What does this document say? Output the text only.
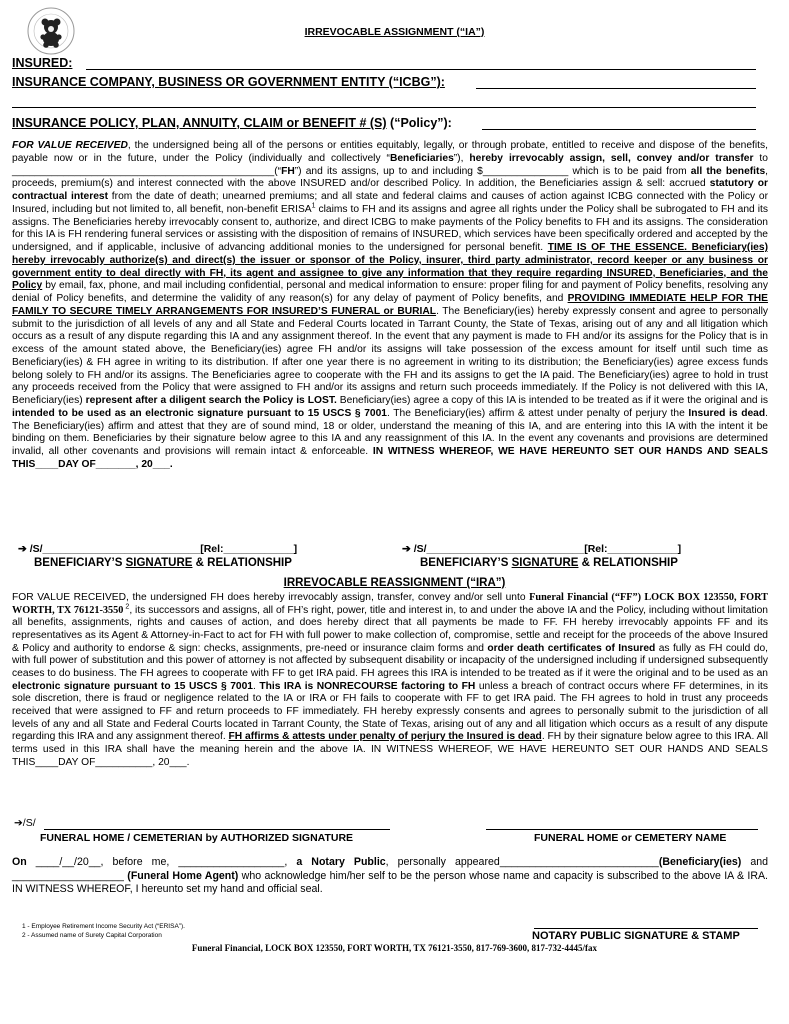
IRREVOCABLE ASSIGNMENT (“IA”)
INSURED:
INSURANCE COMPANY, BUSINESS OR GOVERNMENT ENTITY (“ICBG”):
INSURANCE POLICY, PLAN, ANNUITY, CLAIM or BENEFIT # (S) (“Policy”):

FOR VALUE RECEIVED, the undersigned being all of the persons or entities equitably, legally, or through probate, entitled to receive and dispose of the benefits, payable now or in the future, under the Policy (individually and collectively “Beneficiaries”), hereby irrevocably assign, sell, convey and/or transfer to ______________________________________________(“FH”) and its assigns, up to and including $_______________ which is to be paid from all the benefits, proceeds, premium(s) and interest connected with the above INSURED and/or described Policy. In addition, the Beneficiaries assign & sell: accrued statutory or contractual interest from the date of death; unearned premiums; and all state and federal claims and causes of action against ICBG connected with the Policy or Insured, including but not limited to, all benefit, non-benefit ERISA$^1$ claims to FH and its assigns and agree all rights under the Policy shall be subrogated to FH and its assigns. The Beneficiaries hereby irrevocably consent to, authorize, and direct ICBG to make payments of the Policy benefits to FH and its assigns. The consideration for this IA is FH rendering funeral services or assisting with the disposition of remains of INSURED, which services have been specifically ordered and accepted by the undersigned, and if applicable, inclusive of advancing additional monies to the undersigned for personal benefit. TIME IS OF THE ESSENCE. Beneficiary(ies) hereby irrevocably authorize(s) and direct(s) the issuer or sponsor of the Policy, insurer, third party administrator, record keeper or any business or government entity to deal directly with FH, its agent and assignee to give any information that they require regarding INSURED, Beneficiaries, and the Policy by email, fax, phone, and mail including confidential, personal and medical information to ensure: proper filing for and payment of Policy benefits, resolving any denial of Policy benefits, and determine the validity of any reason(s) for any delay of payment of Policy benefits, and PROVIDING IMMEDIATE HELP FOR THE FAMILY TO SECURE TIMELY ARRANGEMENTS FOR INSURED’S FUNERAL or BURIAL. The Beneficiary(ies) hereby expressly consent and agree to personally submit to the jurisdiction of all levels of any and all State and Federal Courts located in Tarrant County, the State of Texas, arising out of any and all litigation which occurs as a result of any dispute regarding this IA and any assignment thereof. In the event that any payment is made to FH and/or its assigns for the Policy that is in excess of the amount stated above, the Beneficiary(ies) agree FH and/or its assigns will take possession of the excess amount for itself until such time as Beneficiary(ies) & FH agree in writing to its distribution. If after one year there is no agreement in writing to its distribution; the Beneficiary(ies) agree excess funds belong solely to FH and/or its assigns. The Beneficiaries agree to cooperate with the FH and its assigns to get the IA paid. The Beneficiary(ies) agree to hold in trust any proceeds received from the Policy that were assigned to FH and/or its assigns and return such proceeds immediately. If the Policy is not delivered with this IA, Beneficiary(ies) represent after a diligent search the Policy is LOST. Beneficiary(ies) agree a copy of this IA is intended to be treated as if it were the original and is intended to be used as an electronic signature pursuant to 15 USCS § 7001. The Beneficiary(ies) affirm & attest under penalty of perjury the Insured is dead. The Beneficiary(ies) affirm and attest that they are of sound mind, 18 or older, understand the meaning of this IA, and are entering into this IA with the intent it be binding on them. Beneficiaries by their signature below agree to this IA and any reassignment of this IA. In the event any covenants and provisions are determined invalid, all other covenants and provisions will remain intact & enforceable. IN WITNESS WHEREOF, WE HAVE HEREUNTO SET OUR HANDS AND SEALS THIS____DAY OF_______, 20___.

➔ /S/___________________________[Rel:____________]	➔ /S/___________________________[Rel:____________]
BENEFICIARY’S SIGNATURE & RELATIONSHIP	BENEFICIARY’S SIGNATURE & RELATIONSHIP
IRREVOCABLE REASSIGNMENT (“IRA”)

FOR VALUE RECEIVED, the undersigned FH does hereby irrevocably assign, transfer, convey and/or sell unto Funeral Financial (“FF”) LOCK BOX 123550, FORT WORTH, TX 76121-3550 $^2$, its successors and assigns, all of FH’s right, power, title and interest in, to and under the above IA and the Policy, including without limitation all benefits, assignments, rights and causes of action, and does hereby direct that all payments be made to FF. FH hereby irrevocably appoints FF and its representatives as its Agent & Attorney-in-Fact to act for FH with full power to make collection of, compromise, settle and receipt for the proceeds of the above Insured & Policy and authority to endorse & sign: checks, assignments, pre-need or insurance claim forms and order death certificates of Insured as fully as FH could do, with full power of substitution and this power of attorney is not affected by subsequent disability or incapacity of the undersigned including if undersigned subsequently ceases to do business. The FH agrees to cooperate with FF to get IRA paid. FH agrees this IRA is intended to be treated as if it were the original and to be used as an electronic signature pursuant to 15 USCS § 7001. This IRA is NONRECOURSE factoring to FH unless a breach of contract occurs where FF determines, in its sole discretion, there is fraud or negligence related to the IA or IRA or FH fails to cooperate with FF to get IRA paid. The FH agrees to hold in trust any proceeds received that were assigned to FF and return proceeds to FF immediately. FH hereby expressly consents and agrees to personally submit to the jurisdiction of all levels of any and all State and Federal Courts located in Tarrant County, the State of Texas, arising out of any and all litigation which occurs as a result of any dispute regarding this IRA and any assignment thereof. FH affirms & attests under penalty of perjury the Insured is dead. FH by their signature below agree to this IRA. All terms used in this IRA shall have the meaning herein and the above IA. IN WITNESS WHEREOF, WE HAVE HEREUNTO SET OUR HANDS AND SEALS THIS____DAY OF__________, 20___.

➔/S/
FUNERAL HOME / CEMETERIAN by AUTHORIZED SIGNATURE	FUNERAL HOME or CEMETERY NAME

On ____/__/20__, before me, __________________, a Notary Public, personally appeared___________________________(Beneficiary(ies) and ___________________ (Funeral Home Agent) who acknowledge him/her self to be the person whose name and capacity is subscribed to the above IA & IRA. IN WITNESS WHEREOF, I hereunto set my hand and official seal.

1 - Employee Retirement Income Security Act (“ERISA”).
2 - Assumed name of Surety Capital Corporation	NOTARY PUBLIC SIGNATURE & STAMP
Funeral Financial, LOCK BOX 123550, FORT WORTH, TX 76121-3550, 817-769-3600, 817-732-4445/fax
